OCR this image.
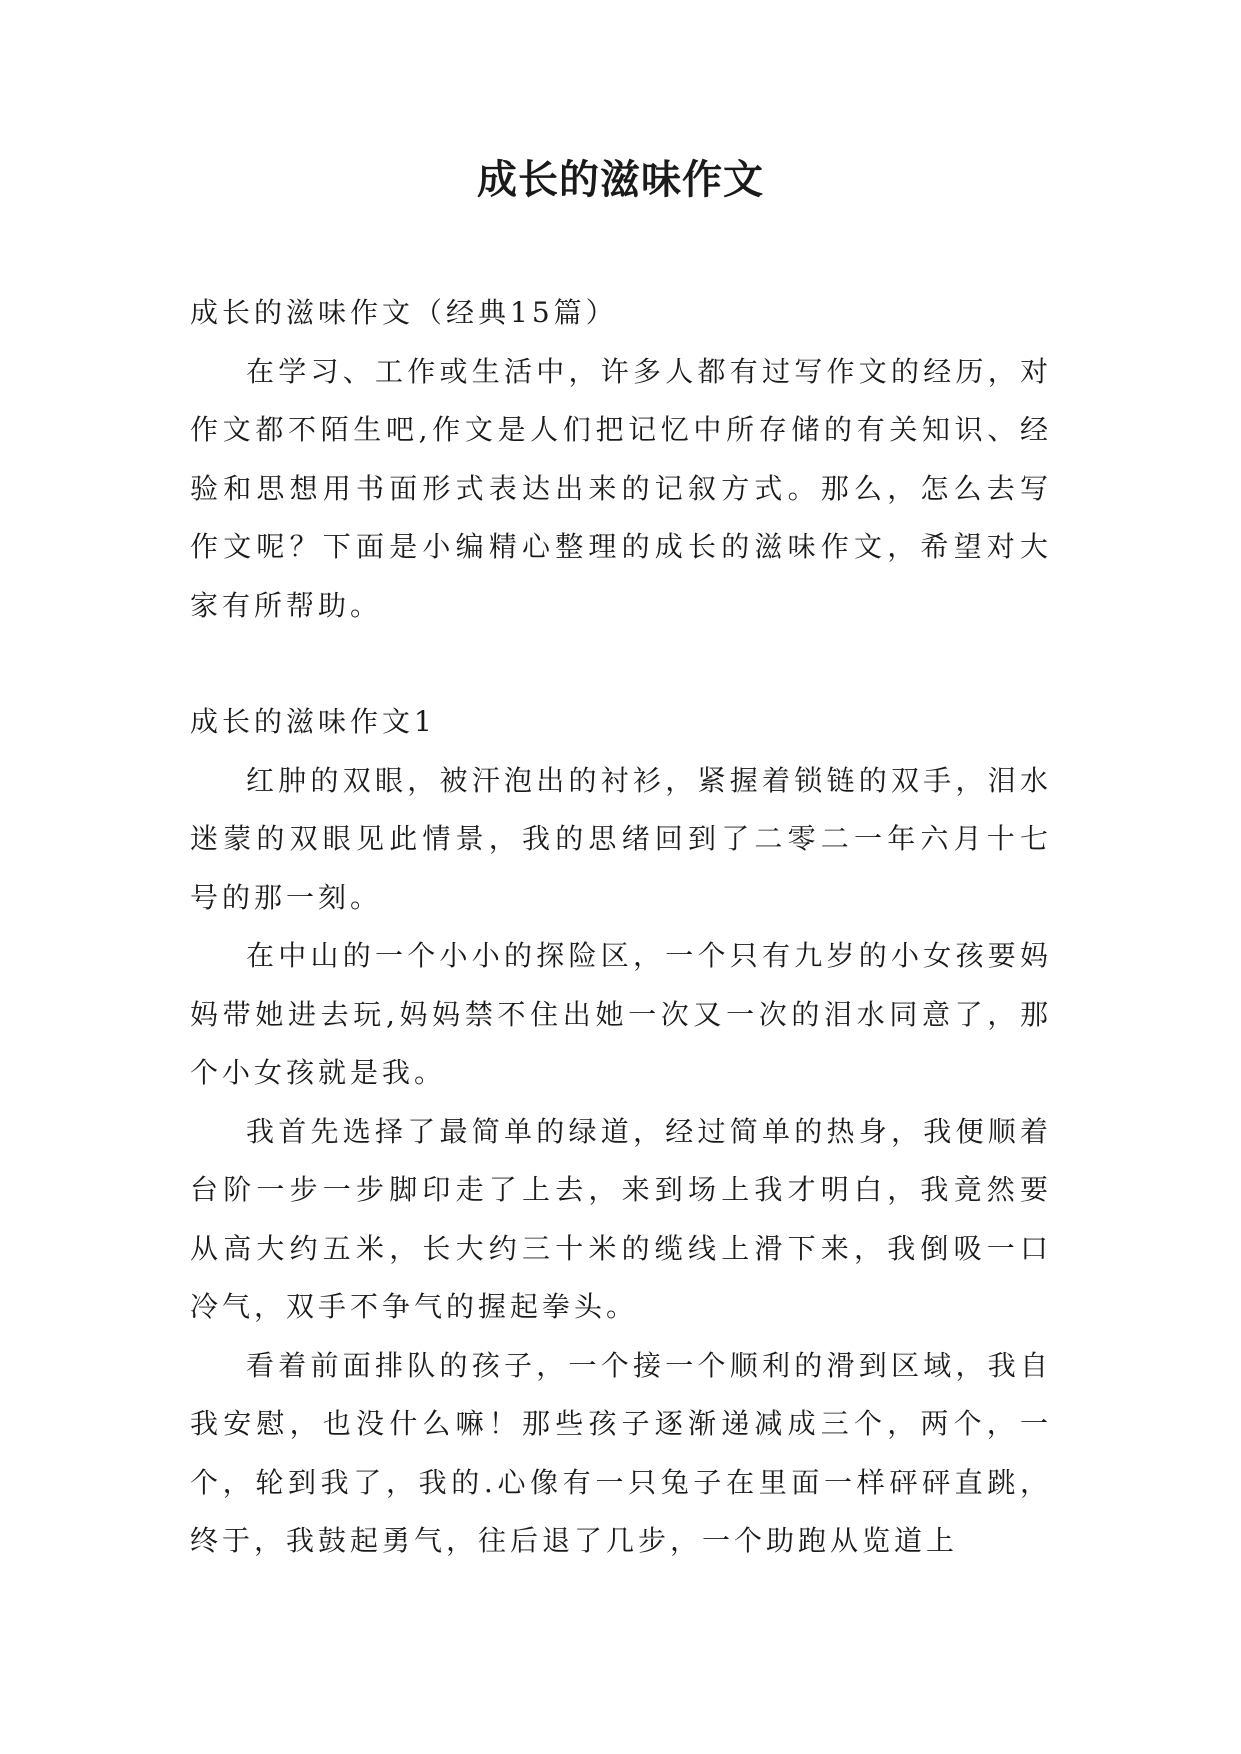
成长的滋味作文

成长的滋味作文（经典15篇）

在学习、工作或生活中，许多人都有过写作文的经历，对作文都不陌生吧,作文是人们把记忆中所存储的有关知识、经验和思想用书面形式表达出来的记叙方式。那么，怎么去写作文呢？下面是小编精心整理的成长的滋味作文，希望对大家有所帮助。

成长的滋味作文1

红肿的双眼，被汗泡出的衬衫，紧握着锁链的双手，泪水迷蒙的双眼见此情景，我的思绪回到了二零二一年六月十七号的那一刻。

在中山的一个小小的探险区，一个只有九岁的小女孩要妈妈带她进去玩,妈妈禁不住出她一次又一次的泪水同意了，那个小女孩就是我。

我首先选择了最简单的绿道，经过简单的热身，我便顺着台阶一步一步脚印走了上去，来到场上我才明白，我竟然要从高大约五米，长大约三十米的缆线上滑下来，我倒吸一口冷气，双手不争气的握起拳头。

看着前面排队的孩子，一个接一个顺利的滑到区域，我自我安慰，也没什么嘛！那些孩子逐渐递减成三个，两个，一个，轮到我了，我的.心像有一只兔子在里面一样砰砰直跳，终于，我鼓起勇气，往后退了几步，一个助跑从览道上
